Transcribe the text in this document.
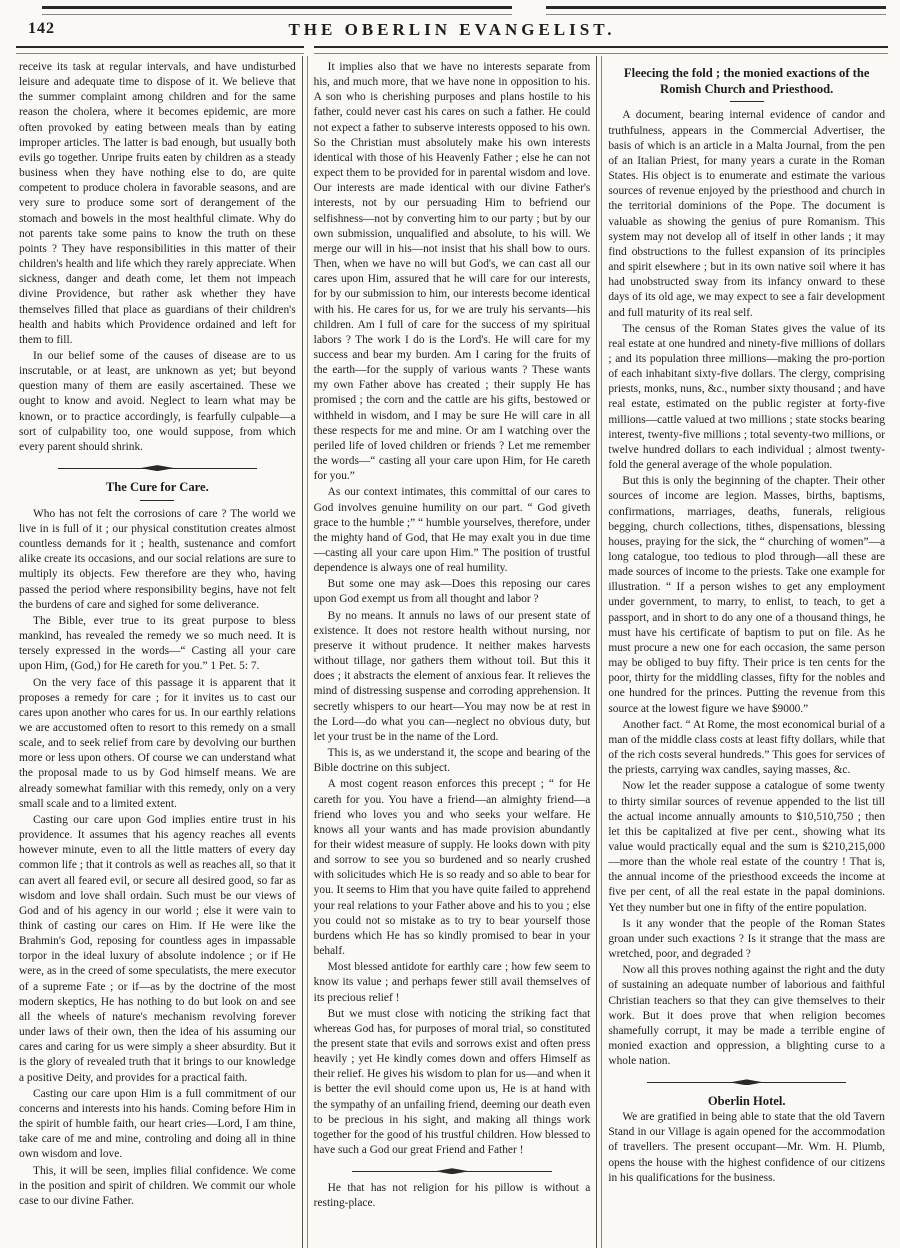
142	THE OBERLIN EVANGELIST.

receive its task at regular intervals, and have undisturbed leisure and adequate time to dispose of it. We believe that the summer complaint among children and for the same reason the cholera, where it becomes epidemic, are more often provoked by eating between meals than by eating improper articles. The latter is bad enough, but usually both evils go together. Unripe fruits eaten by children as a steady business when they have nothing else to do, are quite competent to produce cholera in favorable seasons, and are very sure to produce some sort of derangement of the stomach and bowels in the most healthful climate. Why do not parents take some pains to know the truth on these points ? They have responsibilities in this matter of their children's health and life which they rarely appreciate. When sickness, danger and death come, let them not impeach divine Providence, but rather ask whether they have themselves filled that place as guardians of their children's health and habits which Providence ordained and left for them to fill.

In our belief some of the causes of disease are to us inscrutable, or at least, are unknown as yet; but beyond question many of them are easily ascertained. These we ought to know and avoid. Neglect to learn what may be known, or to practice accordingly, is fearfully culpable—a sort of culpability too, one would suppose, from which every parent should shrink.

The Cure for Care.

Who has not felt the corrosions of care ? The world we live in is full of it ; our physical constitution creates almost countless demands for it ; health, sustenance and comfort alike create its occasions, and our social relations are sure to multiply its objects. Few therefore are they who, having passed the period where responsibility begins, have not felt the burdens of care and sighed for some deliverance.

The Bible, ever true to its great purpose to bless mankind, has revealed the remedy we so much need. It is tersely expressed in the words—“ Casting all your care upon Him, (God,) for He careth for you.” 1 Pet. 5: 7.

On the very face of this passage it is apparent that it proposes a remedy for care ; for it invites us to cast our cares upon another who cares for us. In our earthly relations we are accustomed often to resort to this remedy on a small scale, and to seek relief from care by devolving our burthen more or less upon others. Of course we can understand what the proposal made to us by God himself means. We are already somewhat familiar with this remedy, only on a very small scale and to a limited extent.

Casting our care upon God implies entire trust in his providence. It assumes that his agency reaches all events however minute, even to all the little matters of every day common life ; that it controls as well as reaches all, so that it can avert all feared evil, or secure all desired good, so far as wisdom and love shall ordain. Such must be our views of God and of his agency in our world ; else it were vain to think of casting our cares on Him. If He were like the Brahmin's God, reposing for countless ages in impassable torpor in the ideal luxury of absolute indolence ; or if He were, as in the creed of some speculatists, the mere executor of a supreme Fate ; or if—as by the doctrine of the most modern skeptics, He has nothing to do but look on and see all the wheels of nature's mechanism revolving forever under laws of their own, then the idea of his assuming our cares and caring for us were simply a sheer absurdity. But it is the glory of revealed truth that it brings to our knowledge a positive Deity, and provides for a practical faith.

Casting our care upon Him is a full commitment of our concerns and interests into his hands. Coming before Him in the spirit of humble faith, our heart cries—Lord, I am thine, take care of me and mine, controling and doing all in thine own wisdom and love.

This, it will be seen, implies filial confidence. We come in the position and spirit of children. We commit our whole case to our divine Father.

It implies also that we have no interests separate from his, and much more, that we have none in opposition to his. A son who is cherishing purposes and plans hostile to his father, could never cast his cares on such a father. He could not expect a father to subserve interests opposed to his own. So the Christian must absolutely make his own interests identical with those of his Heavenly Father ; else he can not expect them to be provided for in parental wisdom and love. Our interests are made identical with our divine Father's interests, not by our persuading Him to befriend our selfishness—not by converting him to our party ; but by our own submission, unqualified and absolute, to his will. We merge our will in his—not insist that his shall bow to ours. Then, when we have no will but God's, we can cast all our cares upon Him, assured that he will care for our interests, for by our submission to him, our interests become identical with his. He cares for us, for we are truly his servants—his children. Am I full of care for the success of my spiritual labors ? The work I do is the Lord's. He will care for my success and bear my burden. Am I caring for the fruits of the earth—for the supply of various wants ? These wants my own Father above has created ; their supply He has promised ; the corn and the cattle are his gifts, bestowed or withheld in wisdom, and I may be sure He will care in all these respects for me and mine. Or am I watching over the periled life of loved children or friends ? Let me remember the words—“ casting all your care upon Him, for He careth for you.”

As our context intimates, this committal of our cares to God involves genuine humility on our part. “ God giveth grace to the humble ;” “ humble yourselves, therefore, under the mighty hand of God, that He may exalt you in due time—casting all your care upon Him.” The position of trustful dependence is always one of real humility.

But some one may ask—Does this reposing our cares upon God exempt us from all thought and labor ?

By no means. It annuls no laws of our present state of existence. It does not restore health without nursing, nor preserve it without prudence. It neither makes harvests without tillage, nor gathers them without toil. But this it does ; it abstracts the element of anxious fear. It relieves the mind of distressing suspense and corroding apprehension. It secretly whispers to our heart—You may now be at rest in the Lord—do what you can—neglect no obvious duty, but let your trust be in the name of the Lord.

This is, as we understand it, the scope and bearing of the Bible doctrine on this subject.

A most cogent reason enforces this precept ; “ for He careth for you. You have a friend—an almighty friend—a friend who loves you and who seeks your welfare. He knows all your wants and has made provision abundantly for their widest measure of supply. He looks down with pity and sorrow to see you so burdened and so nearly crushed with solicitudes which He is so ready and so able to bear for you. It seems to Him that you have quite failed to apprehend your real relations to your Father above and his to you ; else you could not so mistake as to try to bear yourself those burdens which He has so kindly promised to bear in your behalf.

Most blessed antidote for earthly care ; how few seem to know its value ; and perhaps fewer still avail themselves of its precious relief !

But we must close with noticing the striking fact that whereas God has, for purposes of moral trial, so constituted the present state that evils and sorrows exist and often press heavily ; yet He kindly comes down and offers Himself as their relief. He gives his wisdom to plan for us—and when it is better the evil should come upon us, He is at hand with the sympathy of an unfailing friend, deeming our death even to be precious in his sight, and making all things work together for the good of his trustful children. How blessed to have such a God our great Friend and Father !

He that has not religion for his pillow is without a resting-place.

Fleecing the fold ; the monied exactions of the Romish Church and Priesthood.

A document, bearing internal evidence of candor and truthfulness, appears in the Commercial Advertiser, the basis of which is an article in a Malta Journal, from the pen of an Italian Priest, for many years a curate in the Roman States. His object is to enumerate and estimate the various sources of revenue enjoyed by the priesthood and church in the territorial dominions of the Pope. The document is valuable as showing the genius of pure Romanism. This system may not develop all of itself in other lands ; it may find obstructions to the fullest expansion of its principles and spirit elsewhere ; but in its own native soil where it has had unobstructed sway from its infancy onward to these days of its old age, we may expect to see a fair development and full maturity of its real self.

The census of the Roman States gives the value of its real estate at one hundred and ninety-five millions of dollars ; and its population three millions—making the pro-portion of each inhabitant sixty-five dollars. The clergy, comprising priests, monks, nuns, &c., number sixty thousand ; and have real estate, estimated on the public register at forty-five millions—cattle valued at two millions ; state stocks bearing interest, twenty-five millions ; total seventy-two millions, or twelve hundred dollars to each individual ; almost twenty-fold the general average of the whole population.

But this is only the beginning of the chapter. Their other sources of income are legion. Masses, births, baptisms, confirmations, marriages, deaths, funerals, religious begging, church collections, tithes, dispensations, blessing houses, praying for the sick, the “ churching of women”—a long catalogue, too tedious to plod through—all these are made sources of income to the priests. Take one example for illustration. “ If a person wishes to get any employment under government, to marry, to enlist, to teach, to get a passport, and in short to do any one of a thousand things, he must have his certificate of baptism to put on file. As he must procure a new one for each occasion, the same person may be obliged to buy fifty. Their price is ten cents for the poor, thirty for the middling classes, fifty for the nobles and one hundred for the princes. Putting the revenue from this source at the lowest figure we have $9000.”

Another fact. “ At Rome, the most economical burial of a man of the middle class costs at least fifty dollars, while that of the rich costs several hundreds.” This goes for services of the priests, carrying wax candles, saying masses, &c.

Now let the reader suppose a catalogue of some twenty to thirty similar sources of revenue appended to the list till the actual income annually amounts to $10,510,750 ; then let this be capitalized at five per cent., showing what its value would practically equal and the sum is $210,215,000—more than the whole real estate of the country ! That is, the annual income of the priesthood exceeds the income at five per cent, of all the real estate in the papal dominions. Yet they number but one in fifty of the entire population.

Is it any wonder that the people of the Roman States groan under such exactions ? Is it strange that the mass are wretched, poor, and degraded ?

Now all this proves nothing against the right and the duty of sustaining an adequate number of laborious and faithful Christian teachers so that they can give themselves to their work. But it does prove that when religion becomes shamefully corrupt, it may be made a terrible engine of monied exaction and oppression, a blighting curse to a whole nation.

Oberlin Hotel.

We are gratified in being able to state that the old Tavern Stand in our Village is again opened for the accommodation of travellers. The present occupant—Mr. Wm. H. Plumb, opens the house with the highest confidence of our citizens in his qualifications for the business.
